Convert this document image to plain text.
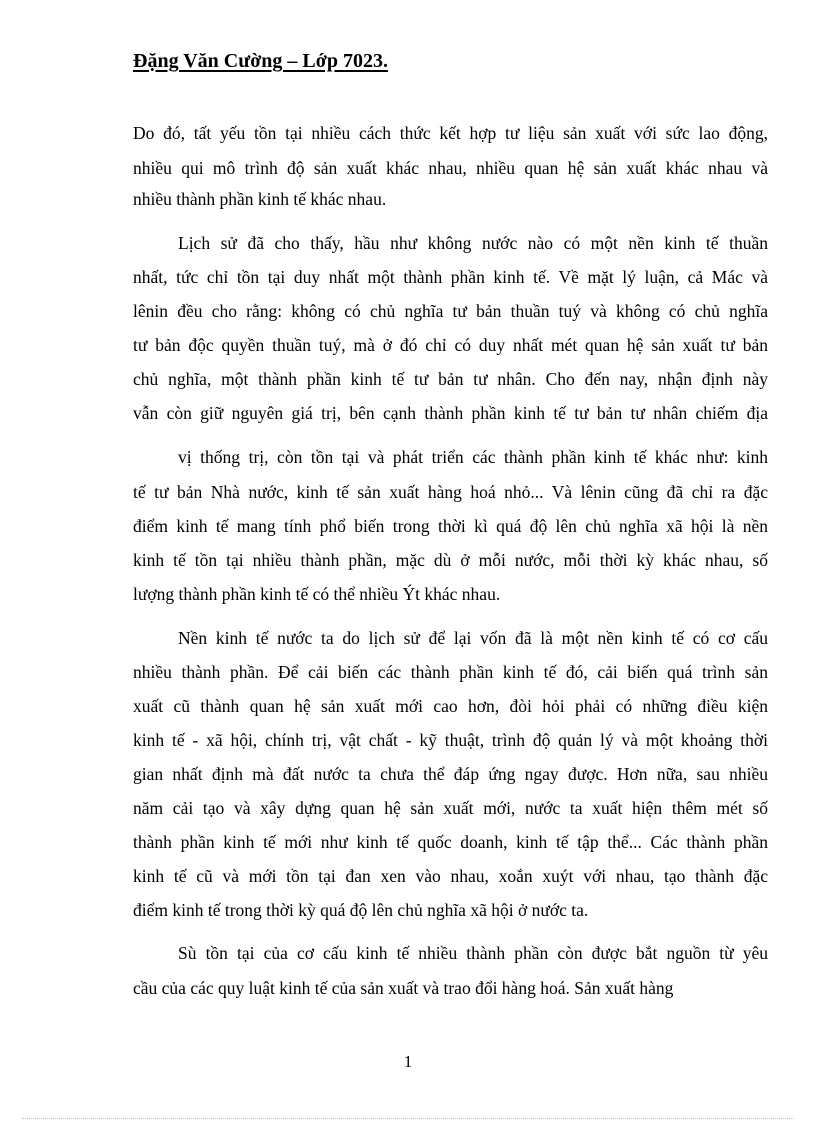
Đặng Văn Cường – Lớp 7023.
Do đó, tất yếu tồn tại nhiều cách thức kết hợp tư liệu sản xuất với sức lao động,
nhiều qui mô trình độ sản xuất khác nhau, nhiều quan hệ sản xuất khác nhau và
nhiều thành phần kinh tế khác nhau.
Lịch sử đã cho thấy, hầu như không nước nào có một nền kinh tế thuần
nhất, tức chỉ tồn tại duy nhất một thành phần kinh tế. Về mặt lý luận, cả Mác và
lênin đều cho rằng: không có chủ nghĩa tư bản thuần tuý và không có chủ nghĩa
tư bản độc quyền thuần tuý, mà ở đó chỉ có duy nhất mét quan hệ sản xuất tư bản
chủ nghĩa, một thành phần kinh tế tư bản tư nhân. Cho đến nay, nhận định này
vẫn còn giữ nguyên giá trị, bên cạnh thành phần kinh tế tư bản tư nhân chiếm địa
vị thống trị, còn tồn tại và phát triển các thành phần kinh tế khác như: kinh
tế tư bản Nhà nước, kinh tế sản xuất hàng hoá nhỏ... Và lênin cũng đã chỉ ra đặc
điểm kinh tế mang tính phổ biến trong thời kì quá độ lên chủ nghĩa xã hội là nền
kinh tế tồn tại nhiều thành phần, mặc dù ở mỗi nước, mỗi thời kỳ khác nhau, số
lượng thành phần kinh tế có thể nhiều Ýt khác nhau.
Nền kinh tế nước ta do lịch sử để lại vốn đã là một nền kinh tế có cơ cấu
nhiều thành phần. Để cải biến các thành phần kinh tế đó, cải biến quá trình sản
xuất cũ thành quan hệ sản xuất mới cao hơn, đòi hỏi phải có những điều kiện
kinh tế - xã hội, chính trị, vật chất - kỹ thuật, trình độ quản lý và một khoảng thời
gian nhất định mà đất nước ta chưa thể đáp ứng ngay được. Hơn nữa, sau nhiều
năm cải tạo và xây dựng quan hệ sản xuất mới, nước ta xuất hiện thêm mét số
thành phần kinh tế mới như kinh tế quốc doanh, kinh tế tập thể... Các thành phần
kinh tế cũ và mới tồn tại đan xen vào nhau, xoắn xuýt với nhau, tạo thành đặc
điểm kinh tế trong thời kỳ quá độ lên chủ nghĩa xã hội ở nước ta.
Sù tồn tại của cơ cấu kinh tế nhiều thành phần còn được bắt nguồn từ yêu
cầu của các quy luật kinh tế của sản xuất và trao đổi hàng hoá. Sản xuất hàng
1
